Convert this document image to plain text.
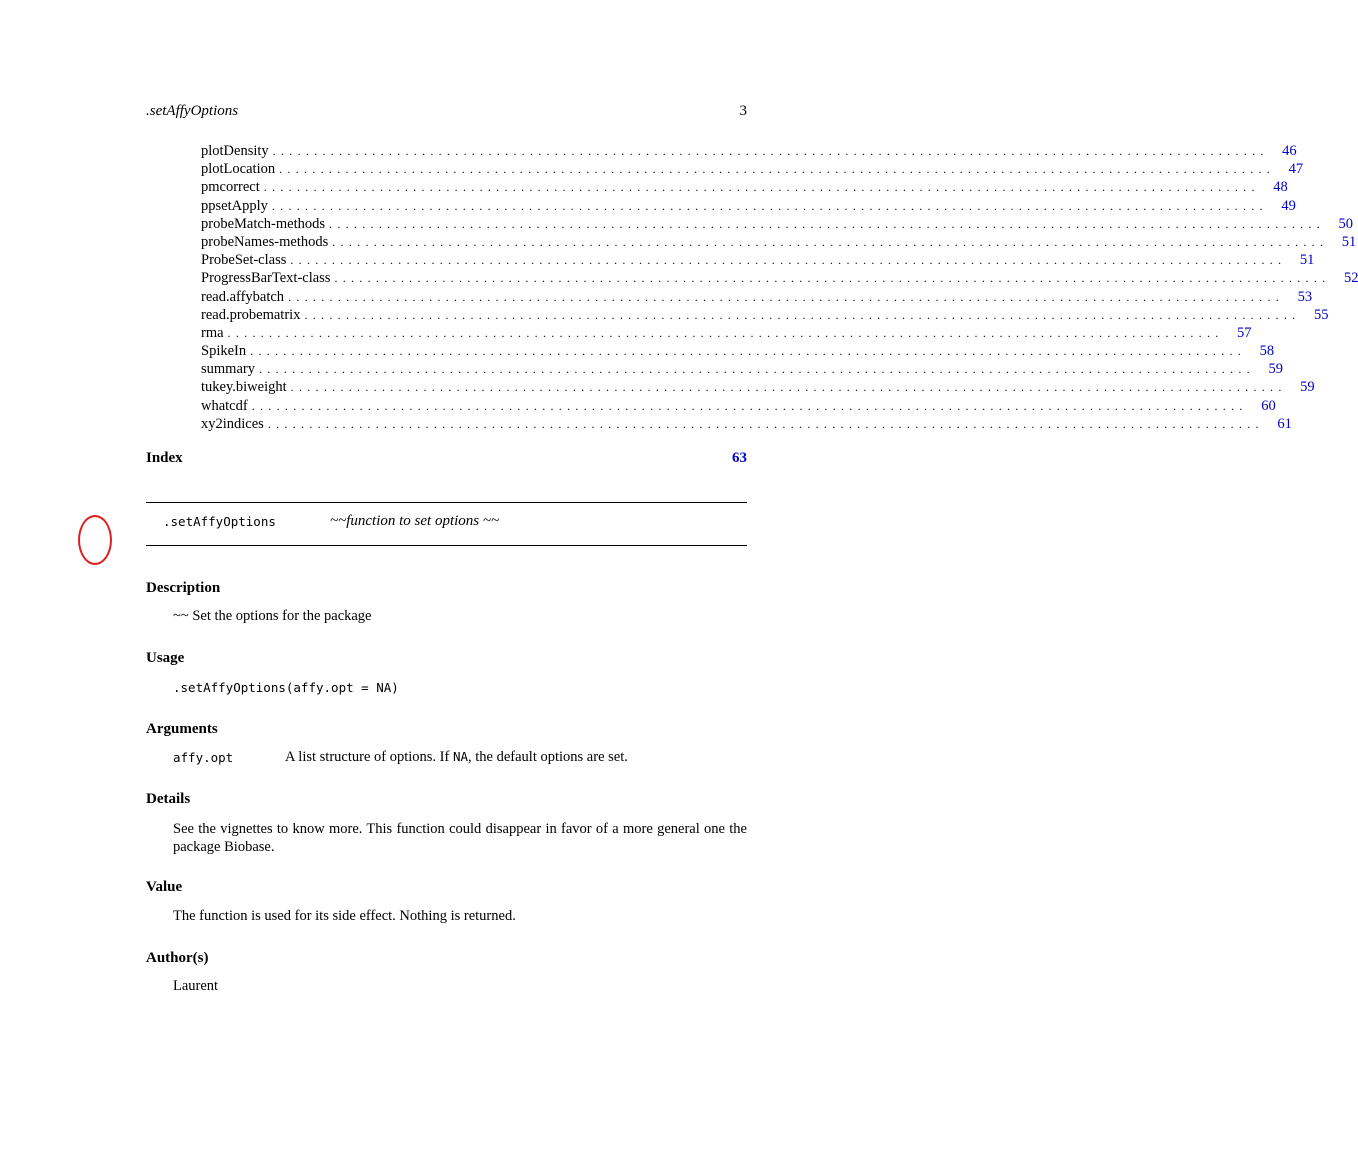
.setAffyOptions	3
plotDensity ........................................................................................................................ 46
plotLocation ........................................................................................................................ 47
pmcorrect ........................................................................................................................ 48
ppsetApply ........................................................................................................................ 49
probeMatch-methods ........................................................................................................................ 50
probeNames-methods ........................................................................................................................ 51
ProbeSet-class ........................................................................................................................ 51
ProgressBarText-class ........................................................................................................................ 52
read.affybatch ........................................................................................................................ 53
read.probematrix ........................................................................................................................ 55
rma ........................................................................................................................ 57
SpikeIn ........................................................................................................................ 58
summary ........................................................................................................................ 59
tukey.biweight ........................................................................................................................ 59
whatcdf ........................................................................................................................ 60
xy2indices ........................................................................................................................ 61
Index	63
.setAffyOptions	~~function to set options ~~
Description
~~ Set the options for the package
Usage
.setAffyOptions(affy.opt = NA)
Arguments
affy.opt	A list structure of options. If NA, the default options are set.
Details
See the vignettes to know more. This function could disappear in favor of a more general one the package Biobase.
Value
The function is used for its side effect. Nothing is returned.
Author(s)
Laurent
